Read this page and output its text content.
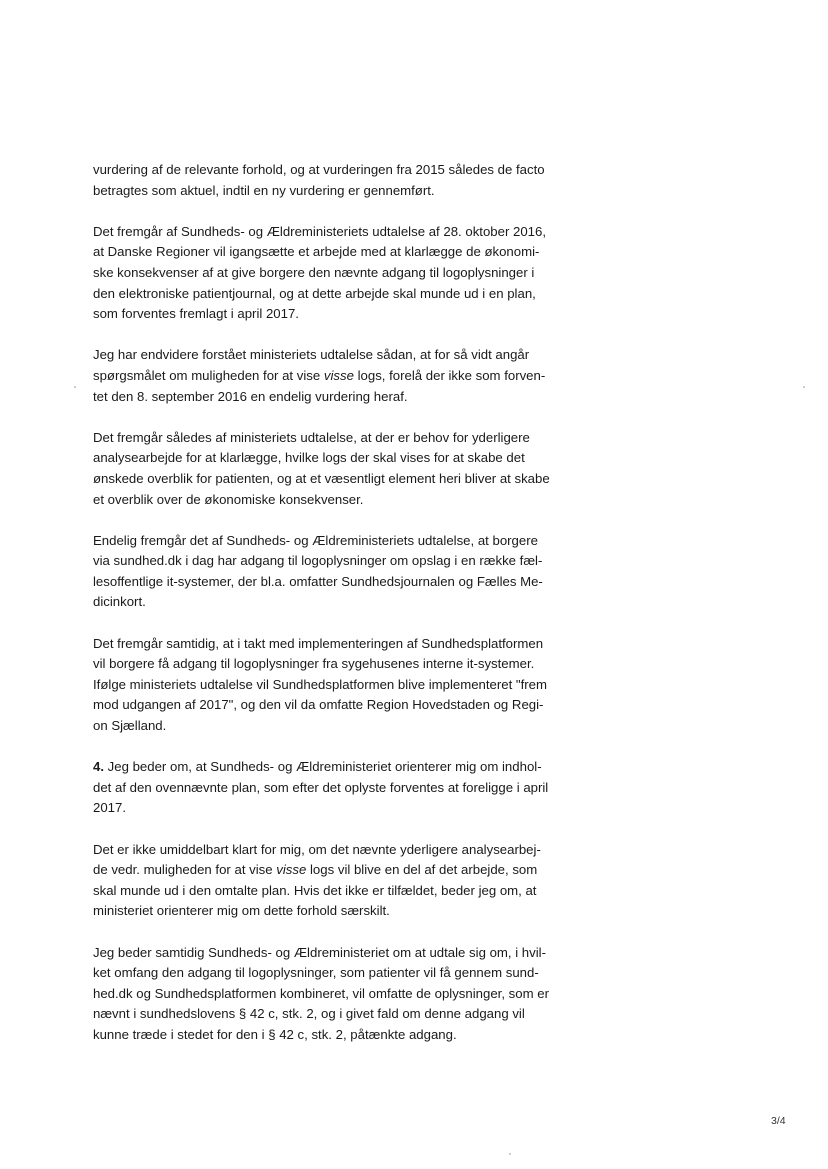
vurdering af de relevante forhold, og at vurderingen fra 2015 således de facto
betragtes som aktuel, indtil en ny vurdering er gennemført.
Det fremgår af Sundheds- og Ældreministeriets udtalelse af 28. oktober 2016,
at Danske Regioner vil igangsætte et arbejde med at klarlægge de økonomi-
ske konsekvenser af at give borgere den nævnte adgang til logoplysninger i
den elektroniske patientjournal, og at dette arbejde skal munde ud i en plan,
som forventes fremlagt i april 2017.
Jeg har endvidere forstået ministeriets udtalelse sådan, at for så vidt angår
spørgsmålet om muligheden for at vise visse logs, forelå der ikke som forven-
tet den 8. september 2016 en endelig vurdering heraf.
Det fremgår således af ministeriets udtalelse, at der er behov for yderligere
analysearbejde for at klarlægge, hvilke logs der skal vises for at skabe det
ønskede overblik for patienten, og at et væsentligt element heri bliver at skabe
et overblik over de økonomiske konsekvenser.
Endelig fremgår det af Sundheds- og Ældreministeriets udtalelse, at borgere
via sundhed.dk i dag har adgang til logoplysninger om opslag i en række fæl-
lesoffentlige it-systemer, der bl.a. omfatter Sundhedsjournalen og Fælles Me-
dicinkort.
Det fremgår samtidig, at i takt med implementeringen af Sundhedsplatformen
vil borgere få adgang til logoplysninger fra sygehusenes interne it-systemer.
Ifølge ministeriets udtalelse vil Sundhedsplatformen blive implementeret "frem
mod udgangen af 2017", og den vil da omfatte Region Hovedstaden og Regi-
on Sjælland.
4. Jeg beder om, at Sundheds- og Ældreministeriet orienterer mig om indhol-
det af den ovennævnte plan, som efter det oplyste forventes at foreligge i april
2017.
Det er ikke umiddelbart klart for mig, om det nævnte yderligere analysearbej-
de vedr. muligheden for at vise visse logs vil blive en del af det arbejde, som
skal munde ud i den omtalte plan. Hvis det ikke er tilfældet, beder jeg om, at
ministeriet orienterer mig om dette forhold særskilt.
Jeg beder samtidig Sundheds- og Ældreministeriet om at udtale sig om, i hvil-
ket omfang den adgang til logoplysninger, som patienter vil få gennem sund-
hed.dk og Sundhedsplatformen kombineret, vil omfatte de oplysninger, som er
nævnt i sundhedslovens § 42 c, stk. 2, og i givet fald om denne adgang vil
kunne træde i stedet for den i § 42 c, stk. 2, påtænkte adgang.
3/4
